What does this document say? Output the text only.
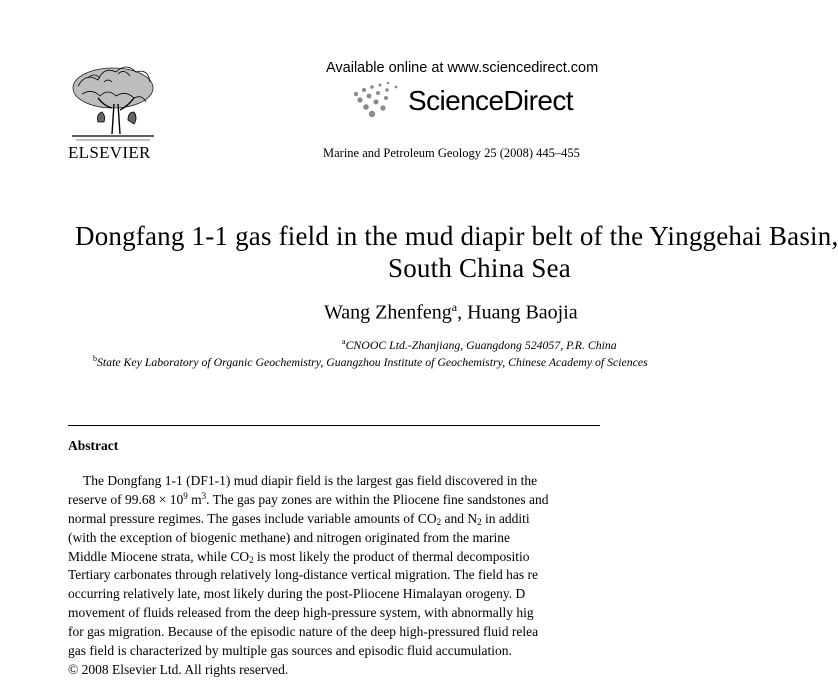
ELSEVIER
Available online at www.sciencedirect.com
ScienceDirect
Marine and Petroleum Geology 25 (2008) 445–455
Dongfang 1-1 gas field in the mud diapir belt of the Yinggehai Basin,
South China Sea
Wang Zhenfeng$^a$, Huang Baojia
$^a$CNOOC Ltd.-Zhanjiang, Guangdong 524057, P.R. China
$^b$State Key Laboratory of Organic Geochemistry, Guangzhou Institute of Geochemistry, Chinese Academy of Sciences
Abstract
The Dongfang 1-1 (DF1-1) mud diapir field is the largest gas field discovered in the
reserve of $99.68 \times 10^9$ $m^3$. The gas pay zones are within the Pliocene fine sandstones and
normal pressure regimes. The gases include variable amounts of $CO_2$ and $N_2$ in additi
(with the exception of biogenic methane) and nitrogen originated from the marine
Middle Miocene strata, while $CO_2$ is most likely the product of thermal decompositio
Tertiary carbonates through relatively long-distance vertical migration. The field has re
occurring relatively late, most likely during the post-Pliocene Himalayan orogeny. D
movement of fluids released from the deep high-pressure system, with abnormally hig
for gas migration. Because of the episodic nature of the deep high-pressured fluid relea
gas field is characterized by multiple gas sources and episodic fluid accumulation.
© 2008 Elsevier Ltd. All rights reserved.
